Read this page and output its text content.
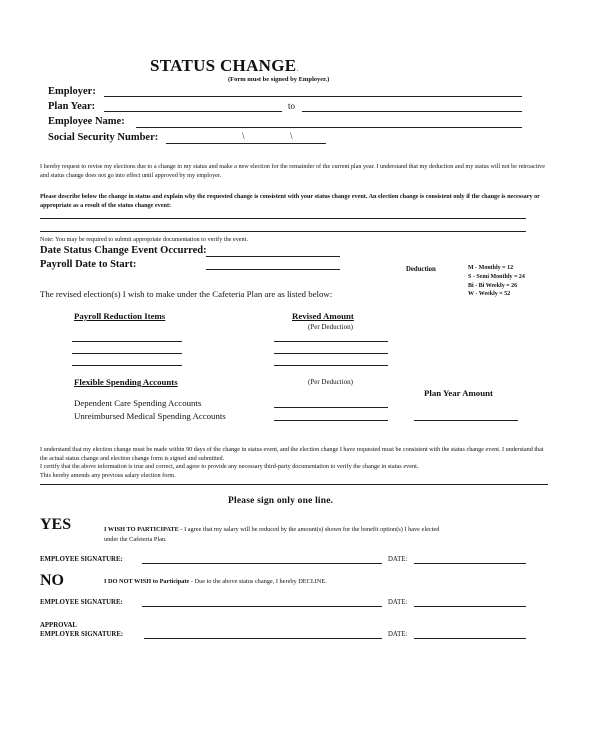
STATUS CHANGE.
(Form must be signed by Employer.)
Employer:
Plan Year:	to
Employee Name:
Social Security Number:	\	\
I hereby request to revise my elections due to a change in my status and make a new election for the remainder of the current plan year. I understand that my deduction and my status will not be retroactive and status change does not go into effect until approved by my employer.
Please describe below the change in status and explain why the requested change is consistent with your status change event. An election change is consistent only if the change is necessary or appropriate as a result of the status change event:
Note: You may be required to submit appropriate documentation to verify the event.
Date Status Change Event Occurred:
Payroll Date to Start:	Deduction	M - Monthly = 12
S - Semi Monthly = 24
Bi - Bi Weekly = 26
W - Weekly = 52
The revised election(s) I wish to make under the Cafeteria Plan are as listed below:
Payroll Reduction Items	Revised Amount
(Per Deduction)
Flexible Spending Accounts	(Per Deduction)
Plan Year Amount
Dependent Care Spending Accounts
Unreimbursed Medical Spending Accounts
I understand that my election change must be made within 90 days of the change in status event, and the election change I have requested must be consistent with the status change event. I understand that the actual status change and election change form is signed and submitted.
I certify that the above information is true and correct, and agree to provide any necessary third-party documentation to verify the change in status event.
This hereby amends any previous salary election form.
Please sign only one line.
YES	I WISH TO PARTICIPATE - I agree that my salary will be reduced by the amount(s) shown for the benefit option(s) I have elected
under the Cafeteria Plan.
EMPLOYEE SIGNATURE:	DATE:
NO	I DO NOT WISH to Participate - Due to the above status change, I hereby DECLINE.
EMPLOYEE SIGNATURE:	DATE:
APPROVAL
EMPLOYER SIGNATURE:	DATE:
